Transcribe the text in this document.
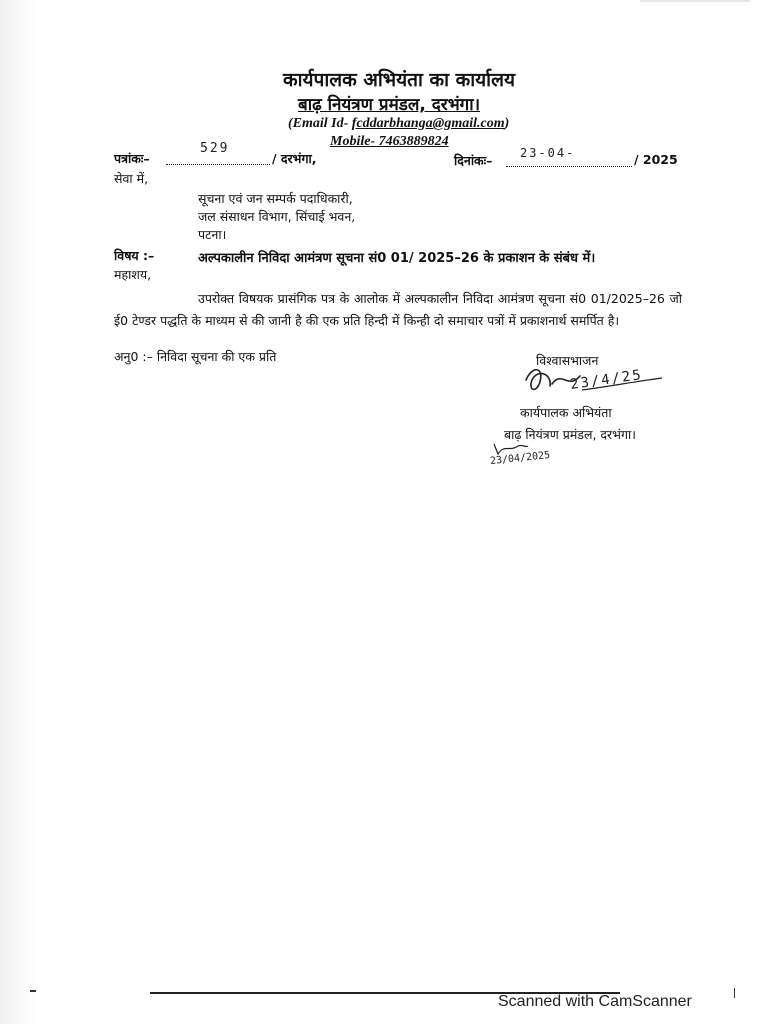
कार्यपालक अभियंता का कार्यालय
बाढ़ नियंत्रण प्रमंडल, दरभंगा।
(Email Id- fcddarbhanga@gmail.com)
Mobile- 7463889824
पत्रांकः–
529
/ दरभंगा,	दिनांकः– 23-04-	/ 2025
सेवा में,
सूचना एवं जन सम्पर्क पदाधिकारी,
जल संसाधन विभाग, सिंचाई भवन,
पटना।
विषय :–	अल्पकालीन निविदा आमंत्रण सूचना सं0 01/ 2025–26 के प्रकाशन के संबंध में।
महाशय,
उपरोक्त विषयक प्रासंगिक पत्र के आलोक में अल्पकालीन निविदा आमंत्रण सूचना सं0 01/2025–26 जो ई0 टेण्डर पद्धति के माध्यम से की जानी है की एक प्रति हिन्दी में किन्ही दो समाचार पत्रों में प्रकाशनार्थ समर्पित है।
अनु0 :– निविदा सूचना की एक प्रति	विश्वासभाजन
23/4/25
कार्यपालक अभियंता
बाढ़ नियंत्रण प्रमंडल, दरभंगा।
23/04/2025
Scanned with CamScanner
